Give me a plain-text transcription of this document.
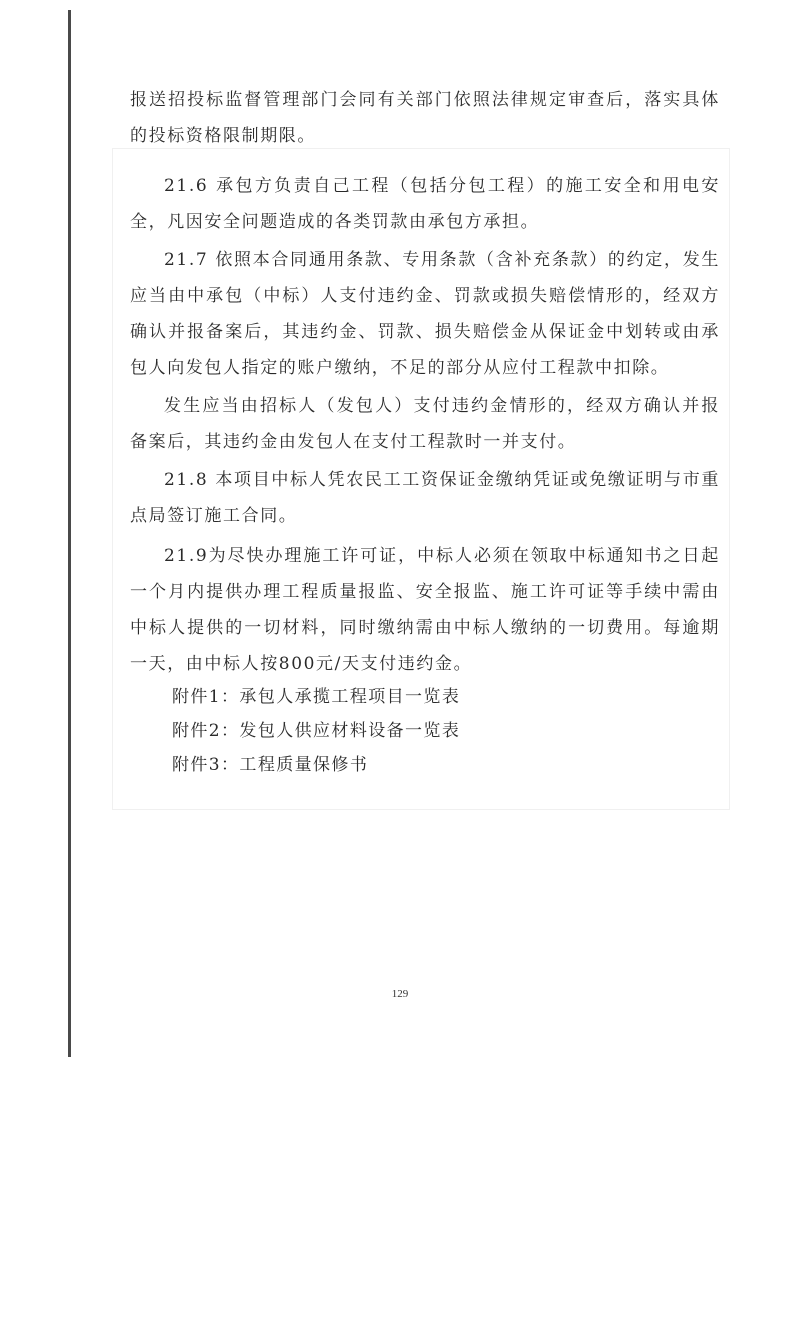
报送招投标监督管理部门会同有关部门依照法律规定审查后，落实具体的投标资格限制期限。

21.6 承包方负责自己工程（包括分包工程）的施工安全和用电安全，凡因安全问题造成的各类罚款由承包方承担。

21.7 依照本合同通用条款、专用条款（含补充条款）的约定，发生应当由中承包（中标）人支付违约金、罚款或损失赔偿情形的，经双方确认并报备案后，其违约金、罚款、损失赔偿金从保证金中划转或由承包人向发包人指定的账户缴纳，不足的部分从应付工程款中扣除。

发生应当由招标人（发包人）支付违约金情形的，经双方确认并报备案后，其违约金由发包人在支付工程款时一并支付。

21.8 本项目中标人凭农民工工资保证金缴纳凭证或免缴证明与市重点局签订施工合同。

21.9为尽快办理施工许可证，中标人必须在领取中标通知书之日起一个月内提供办理工程质量报监、安全报监、施工许可证等手续中需由中标人提供的一切材料，同时缴纳需由中标人缴纳的一切费用。每逾期一天，由中标人按800元/天支付违约金。

附件1：承包人承揽工程项目一览表

附件2：发包人供应材料设备一览表

附件3：工程质量保修书

129
